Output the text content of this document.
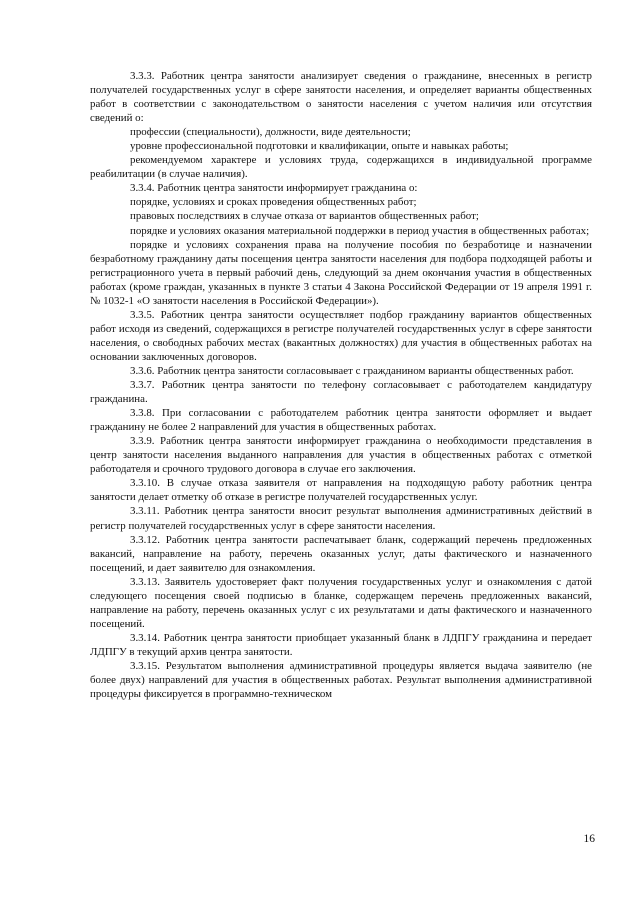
3.3.3. Работник центра занятости анализирует сведения о гражданине, внесенных в регистр получателей государственных услуг в сфере занятости населения, и определяет варианты общественных работ в соответствии с законодательством о занятости населения с учетом наличия или отсутствия сведений о:

профессии (специальности), должности, виде деятельности;

уровне профессиональной подготовки и квалификации, опыте и навыках работы;

рекомендуемом характере и условиях труда, содержащихся в индивидуальной программе реабилитации (в случае наличия).

3.3.4. Работник центра занятости информирует гражданина о:

порядке, условиях и сроках проведения общественных работ;

правовых последствиях в случае отказа от вариантов общественных работ;

порядке и условиях оказания материальной поддержки в период участия в общественных работах;

порядке и условиях сохранения права на получение пособия по безработице и назначении безработному гражданину даты посещения центра занятости населения для подбора подходящей работы и регистрационного учета в первый рабочий день, следующий за днем окончания участия в общественных работах (кроме граждан, указанных в пункте 3 статьи 4 Закона Российской Федерации от 19 апреля 1991 г. № 1032-1 «О занятости населения в Российской Федерации»).

3.3.5. Работник центра занятости осуществляет подбор гражданину вариантов общественных работ исходя из сведений, содержащихся в регистре получателей государственных услуг в сфере занятости населения, о свободных рабочих местах (вакантных должностях) для участия в общественных работах на основании заключенных договоров.

3.3.6. Работник центра занятости согласовывает с гражданином варианты общественных работ.

3.3.7. Работник центра занятости по телефону согласовывает с работодателем кандидатуру гражданина.

3.3.8. При согласовании с работодателем работник центра занятости оформляет и выдает гражданину не более 2 направлений для участия в общественных работах.

3.3.9. Работник центра занятости информирует гражданина о необходимости представления в центр занятости населения выданного направления для участия в общественных работах с отметкой работодателя и срочного трудового договора в случае его заключения.

3.3.10. В случае отказа заявителя от направления на подходящую работу работник центра занятости делает отметку об отказе в регистре получателей государственных услуг.

3.3.11. Работник центра занятости вносит результат выполнения административных действий в регистр получателей государственных услуг в сфере занятости населения.

3.3.12. Работник центра занятости распечатывает бланк, содержащий перечень предложенных вакансий, направление на работу, перечень оказанных услуг, даты фактического и назначенного посещений, и дает заявителю для ознакомления.

3.3.13. Заявитель удостоверяет факт получения государственных услуг и ознакомления с датой следующего посещения своей подписью в бланке, содержащем перечень предложенных вакансий, направление на работу, перечень оказанных услуг с их результатами и даты фактического и назначенного посещений.

3.3.14. Работник центра занятости приобщает указанный бланк в ЛДПГУ гражданина и передает ЛДПГУ в текущий архив центра занятости.

3.3.15. Результатом выполнения административной процедуры является выдача заявителю (не более двух) направлений для участия в общественных работах. Результат выполнения административной процедуры фиксируется в программно-техническом

16
